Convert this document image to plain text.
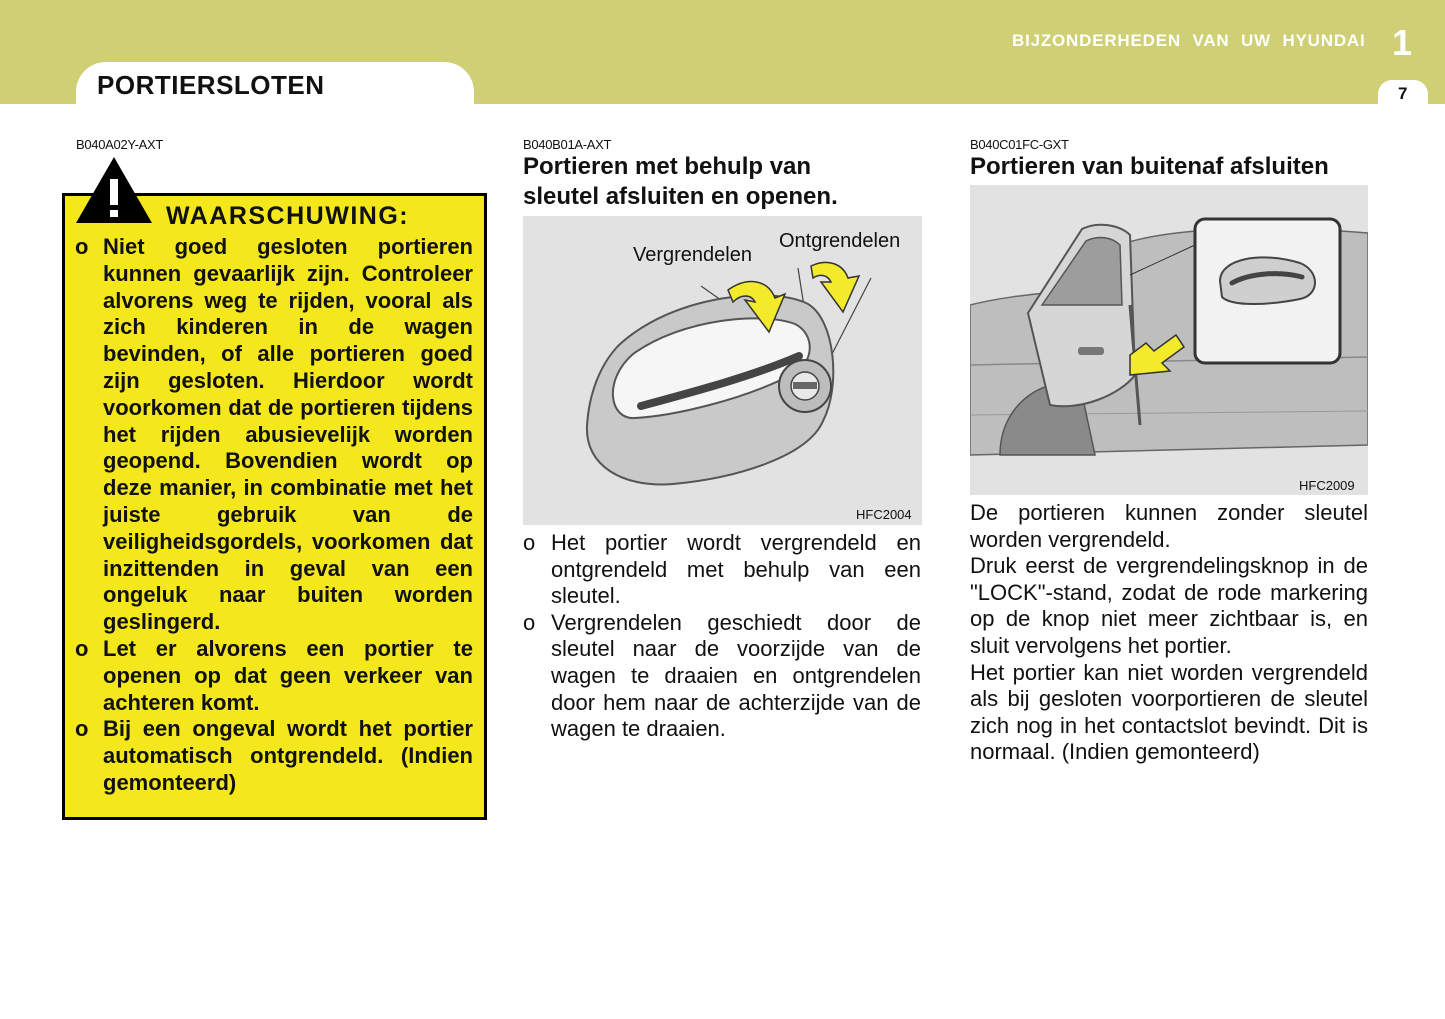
PORTIERSLOTEN
BIJZONDERHEDEN VAN UW HYUNDAI 1
7
B040A02Y-AXT
WAARSCHUWING:
o Niet goed gesloten portieren kunnen gevaarlijk zijn. Controleer alvorens weg te rijden, vooral als zich kinderen in de wagen bevinden, of alle portieren goed zijn gesloten. Hierdoor wordt voorkomen dat de portieren tijdens het rijden abusievelijk worden geopend. Bovendien wordt op deze manier, in combinatie met het juiste gebruik van de veiligheidsgordels, voorkomen dat inzittenden in geval van een ongeluk naar buiten worden geslingerd.
o Let er alvorens een portier te openen op dat geen verkeer van achteren komt.
o Bij een ongeval wordt het portier automatisch ontgrendeld. (Indien gemonteerd)
B040B01A-AXT
Portieren met behulp van
sleutel afsluiten en openen.
Vergrendelen
Ontgrendelen
HFC2004
o Het portier wordt vergrendeld en ontgrendeld met behulp van een sleutel.
o Vergrendelen geschiedt door de sleutel naar de voorzijde van de wagen te draaien en ontgrendelen door hem naar de achterzijde van de wagen te draaien.
B040C01FC-GXT
Portieren van buitenaf afsluiten
HFC2009

De portieren kunnen zonder sleutel worden vergrendeld.

Druk eerst de vergrendelingsknop in de "LOCK"-stand, zodat de rode markering op de knop niet meer zichtbaar is, en sluit vervolgens het portier.

Het portier kan niet worden vergrendeld als bij gesloten voorportieren de sleutel zich nog in het contactslot bevindt. Dit is normaal. (Indien gemonteerd)
